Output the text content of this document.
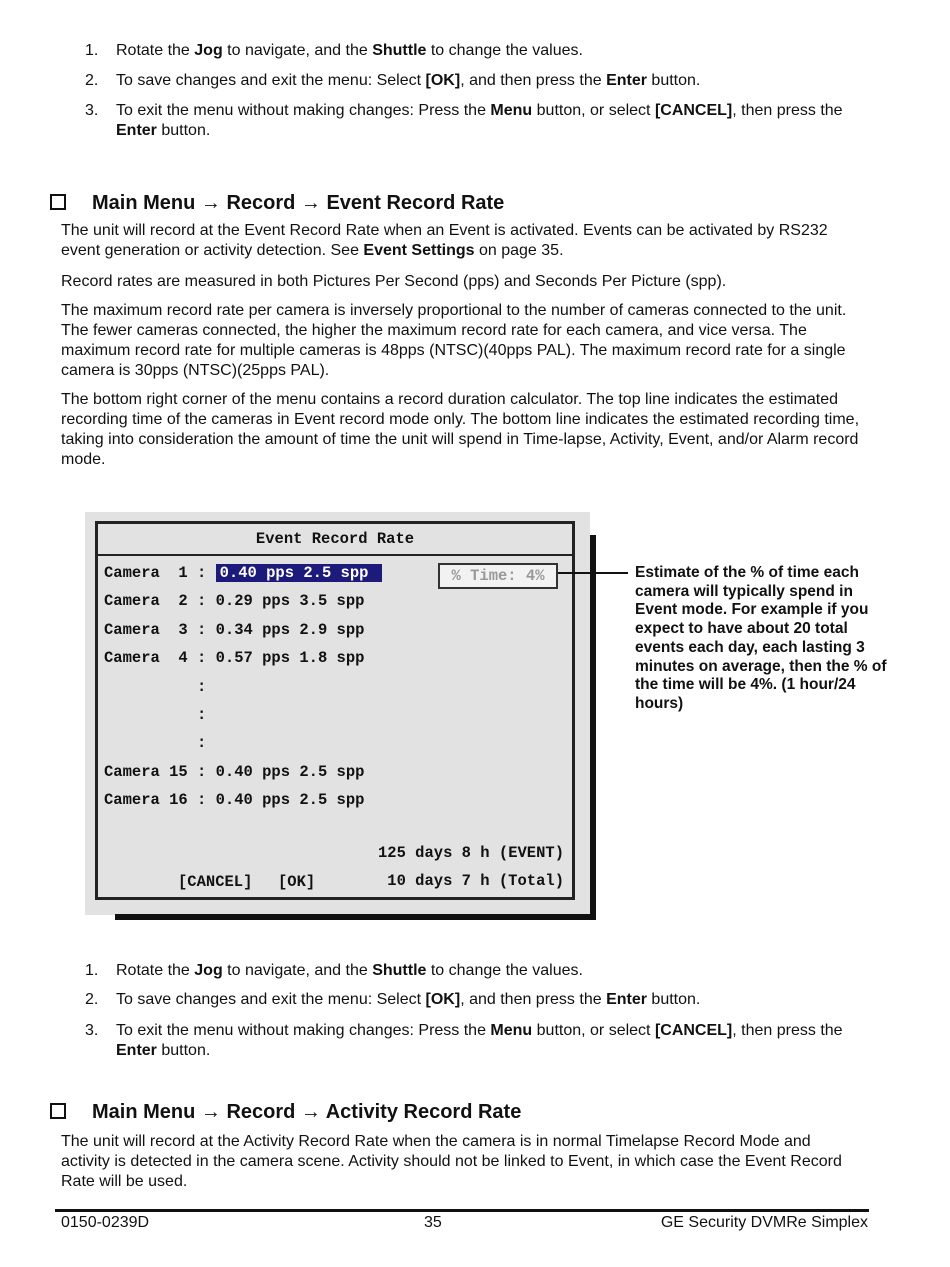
1. Rotate the Jog to navigate, and the Shuttle to change the values.
2. To save changes and exit the menu: Select [OK], and then press the Enter button.
3. To exit the menu without making changes: Press the Menu button, or select [CANCEL], then press the Enter button.
Main Menu → Record → Event Record Rate
The unit will record at the Event Record Rate when an Event is activated. Events can be activated by RS232 event generation or activity detection. See Event Settings on page 35.
Record rates are measured in both Pictures Per Second (pps) and Seconds Per Picture (spp).
The maximum record rate per camera is inversely proportional to the number of cameras connected to the unit. The fewer cameras connected, the higher the maximum record rate for each camera, and vice versa. The maximum record rate for multiple cameras is 48pps (NTSC)(40pps PAL). The maximum record rate for a single camera is 30pps (NTSC)(25pps PAL).
The bottom right corner of the menu contains a record duration calculator. The top line indicates the estimated recording time of the cameras in Event record mode only. The bottom line indicates the estimated recording time, taking into consideration the amount of time the unit will spend in Time-lapse, Activity, Event, and/or Alarm record mode.
Event Record Rate
Camera  1 : 0.40 pps 2.5 spp
Camera  2 : 0.29 pps 3.5 spp
Camera  3 : 0.34 pps 2.9 spp
Camera  4 : 0.57 pps 1.8 spp
:
:
:
Camera 15 : 0.40 pps 2.5 spp
Camera 16 : 0.40 pps 2.5 spp
% Time: 4%
125 days 8 h (EVENT)
10 days 7 h (Total)
[CANCEL] [OK]
Estimate of the % of time each camera will typically spend in Event mode. For example if you expect to have about 20 total events each day, each lasting 3 minutes on average, then the % of the time will be 4%. (1 hour/24 hours)
1. Rotate the Jog to navigate, and the Shuttle to change the values.
2. To save changes and exit the menu: Select [OK], and then press the Enter button.
3. To exit the menu without making changes: Press the Menu button, or select [CANCEL], then press the Enter button.
Main Menu → Record → Activity Record Rate
The unit will record at the Activity Record Rate when the camera is in normal Timelapse Record Mode and activity is detected in the camera scene. Activity should not be linked to Event, in which case the Event Record Rate will be used.
0150-0239D	35	GE Security DVMRe Simplex
